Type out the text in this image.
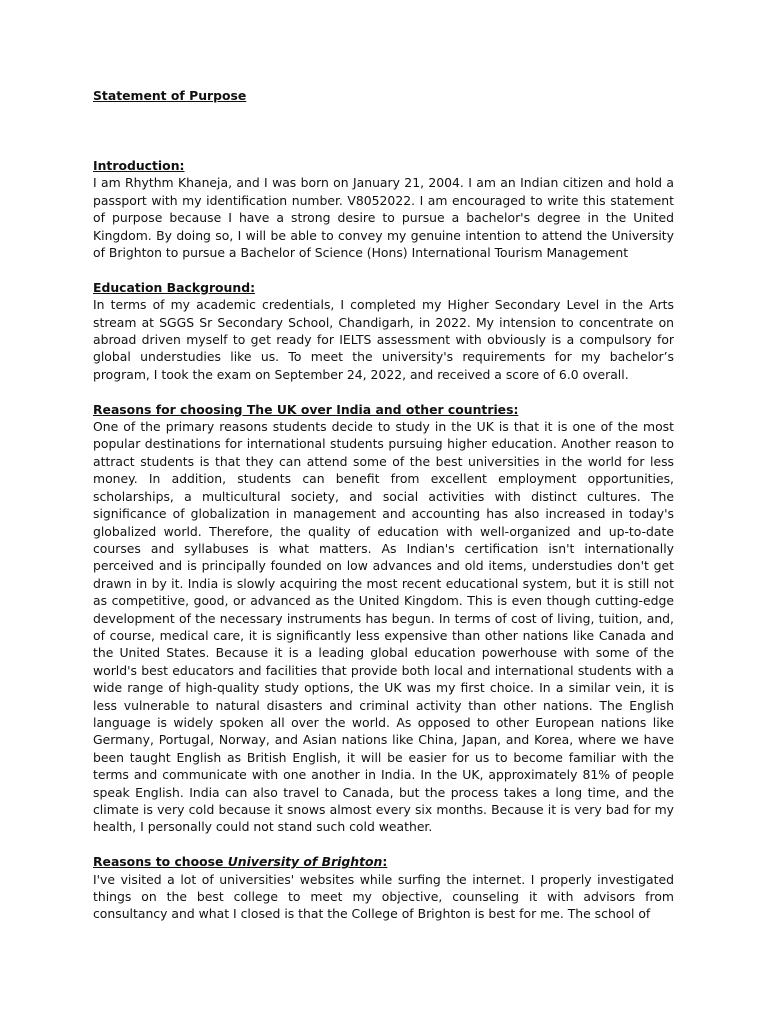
Statement of Purpose

Introduction:

I am Rhythm Khaneja, and I was born on January 21, 2004. I am an Indian citizen and hold a passport with my identification number. V8052022. I am encouraged to write this statement of purpose because I have a strong desire to pursue a bachelor's degree in the United Kingdom. By doing so, I will be able to convey my genuine intention to attend the University of Brighton to pursue a Bachelor of Science (Hons) International Tourism Management

Education Background:

In terms of my academic credentials, I completed my Higher Secondary Level in the Arts stream at SGGS Sr Secondary School, Chandigarh, in 2022. My intension to concentrate on abroad driven myself to get ready for IELTS assessment with obviously is a compulsory for global understudies like us. To meet the university's requirements for my bachelor’s program, I took the exam on September 24, 2022, and received a score of 6.0 overall.

Reasons for choosing The UK over India and other countries:

One of the primary reasons students decide to study in the UK is that it is one of the most popular destinations for international students pursuing higher education. Another reason to attract students is that they can attend some of the best universities in the world for less money. In addition, students can benefit from excellent employment opportunities, scholarships, a multicultural society, and social activities with distinct cultures. The significance of globalization in management and accounting has also increased in today's globalized world. Therefore, the quality of education with well-organized and up-to-date courses and syllabuses is what matters. As Indian's certification isn't internationally perceived and is principally founded on low advances and old items, understudies don't get drawn in by it. India is slowly acquiring the most recent educational system, but it is still not as competitive, good, or advanced as the United Kingdom. This is even though cutting-edge development of the necessary instruments has begun. In terms of cost of living, tuition, and, of course, medical care, it is significantly less expensive than other nations like Canada and the United States. Because it is a leading global education powerhouse with some of the world's best educators and facilities that provide both local and international students with a wide range of high-quality study options, the UK was my first choice. In a similar vein, it is less vulnerable to natural disasters and criminal activity than other nations. The English language is widely spoken all over the world. As opposed to other European nations like Germany, Portugal, Norway, and Asian nations like China, Japan, and Korea, where we have been taught English as British English, it will be easier for us to become familiar with the terms and communicate with one another in India. In the UK, approximately 81% of people speak English. India can also travel to Canada, but the process takes a long time, and the climate is very cold because it snows almost every six months. Because it is very bad for my health, I personally could not stand such cold weather.

Reasons to choose University of Brighton:

I've visited a lot of universities' websites while surfing the internet. I properly investigated things on the best college to meet my objective, counseling it with advisors from consultancy and what I closed is that the College of Brighton is best for me. The school of
